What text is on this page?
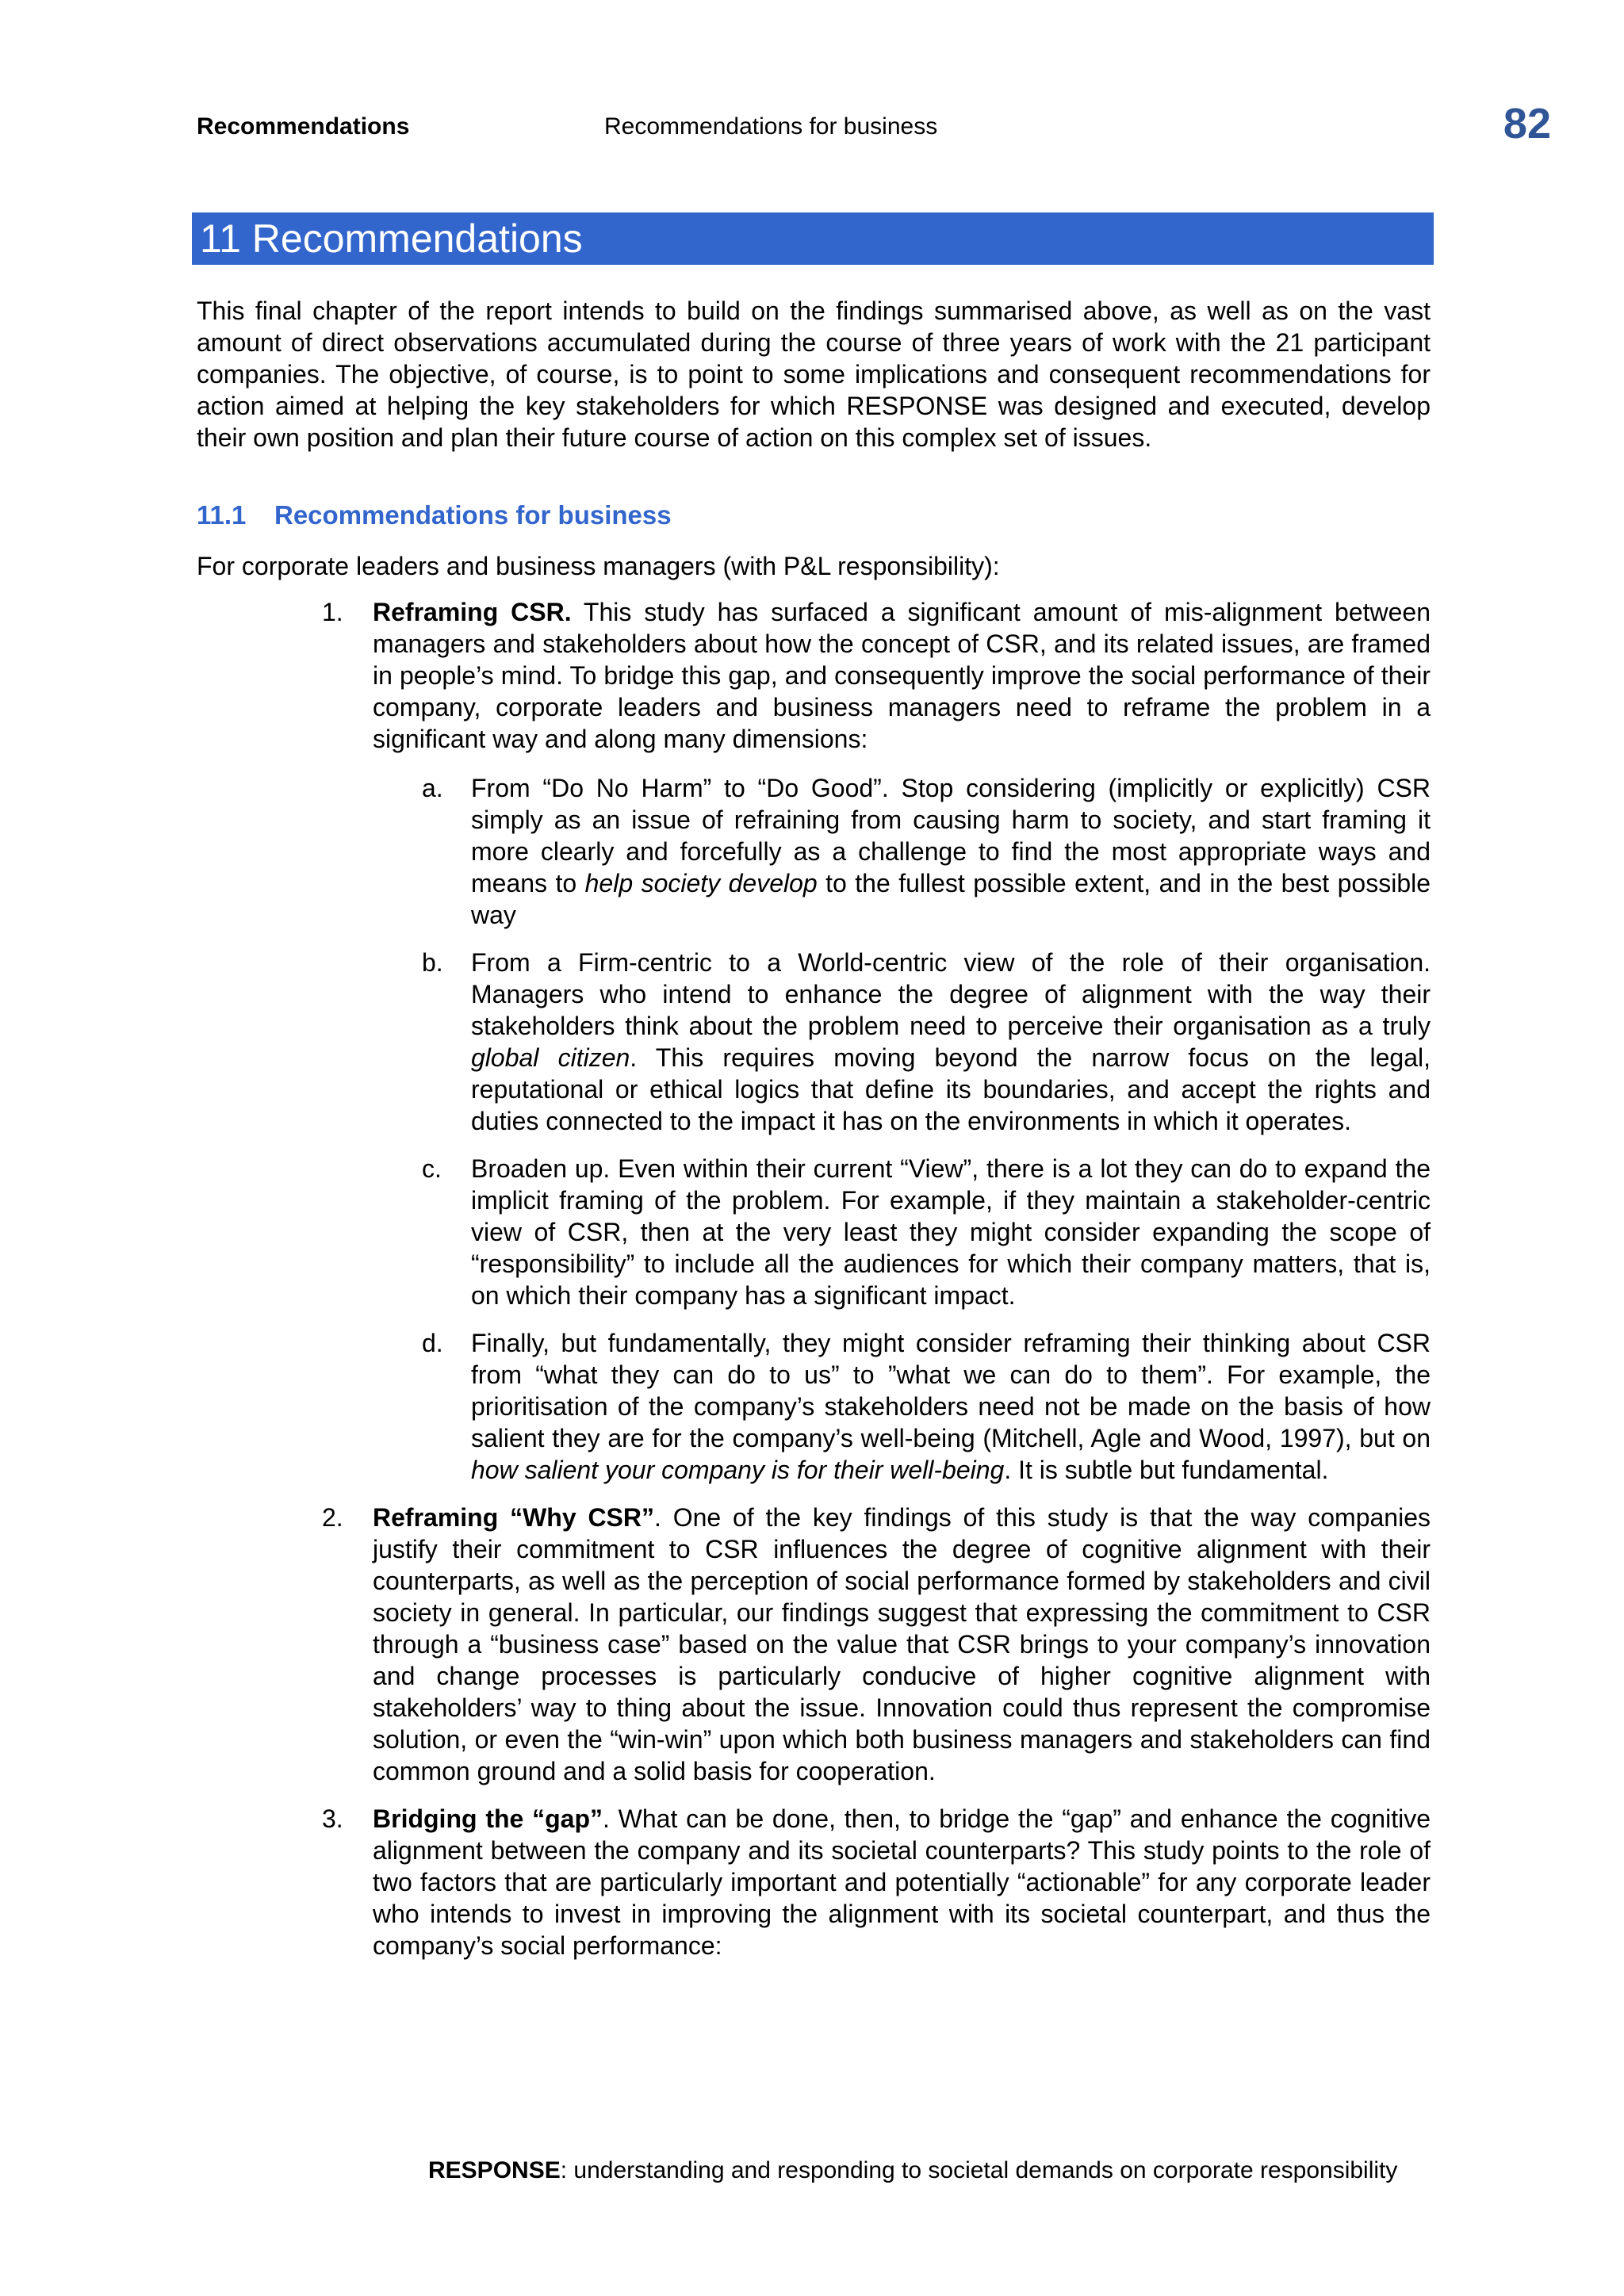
Recommendations	Recommendations for business	82
11 Recommendations
This final chapter of the report intends to build on the findings summarised above, as well as on the vast amount of direct observations accumulated during the course of three years of work with the 21 participant companies. The objective, of course, is to point to some implications and consequent recommendations for action aimed at helping the key stakeholders for which RESPONSE was designed and executed, develop their own position and plan their future course of action on this complex set of issues.
11.1 Recommendations for business
For corporate leaders and business managers (with P&L responsibility):
1. Reframing CSR. This study has surfaced a significant amount of mis-alignment between managers and stakeholders about how the concept of CSR, and its related issues, are framed in people’s mind. To bridge this gap, and consequently improve the social performance of their company, corporate leaders and business managers need to reframe the problem in a significant way and along many dimensions:
a. From “Do No Harm” to “Do Good”. Stop considering (implicitly or explicitly) CSR simply as an issue of refraining from causing harm to society, and start framing it more clearly and forcefully as a challenge to find the most appropriate ways and means to help society develop to the fullest possible extent, and in the best possible way
b. From a Firm-centric to a World-centric view of the role of their organisation. Managers who intend to enhance the degree of alignment with the way their stakeholders think about the problem need to perceive their organisation as a truly global citizen. This requires moving beyond the narrow focus on the legal, reputational or ethical logics that define its boundaries, and accept the rights and duties connected to the impact it has on the environments in which it operates.
c. Broaden up. Even within their current “View”, there is a lot they can do to expand the implicit framing of the problem. For example, if they maintain a stakeholder-centric view of CSR, then at the very least they might consider expanding the scope of “responsibility” to include all the audiences for which their company matters, that is, on which their company has a significant impact.
d. Finally, but fundamentally, they might consider reframing their thinking about CSR from “what they can do to us” to ”what we can do to them”. For example, the prioritisation of the company’s stakeholders need not be made on the basis of how salient they are for the company’s well-being (Mitchell, Agle and Wood, 1997), but on how salient your company is for their well-being. It is subtle but fundamental.
2. Reframing “Why CSR”. One of the key findings of this study is that the way companies justify their commitment to CSR influences the degree of cognitive alignment with their counterparts, as well as the perception of social performance formed by stakeholders and civil society in general. In particular, our findings suggest that expressing the commitment to CSR through a “business case” based on the value that CSR brings to your company’s innovation and change processes is particularly conducive of higher cognitive alignment with stakeholders’ way to thing about the issue. Innovation could thus represent the compromise solution, or even the “win-win” upon which both business managers and stakeholders can find common ground and a solid basis for cooperation.
3. Bridging the “gap”. What can be done, then, to bridge the “gap” and enhance the cognitive alignment between the company and its societal counterparts? This study points to the role of two factors that are particularly important and potentially “actionable” for any corporate leader who intends to invest in improving the alignment with its societal counterpart, and thus the company’s social performance:
RESPONSE: understanding and responding to societal demands on corporate responsibility
